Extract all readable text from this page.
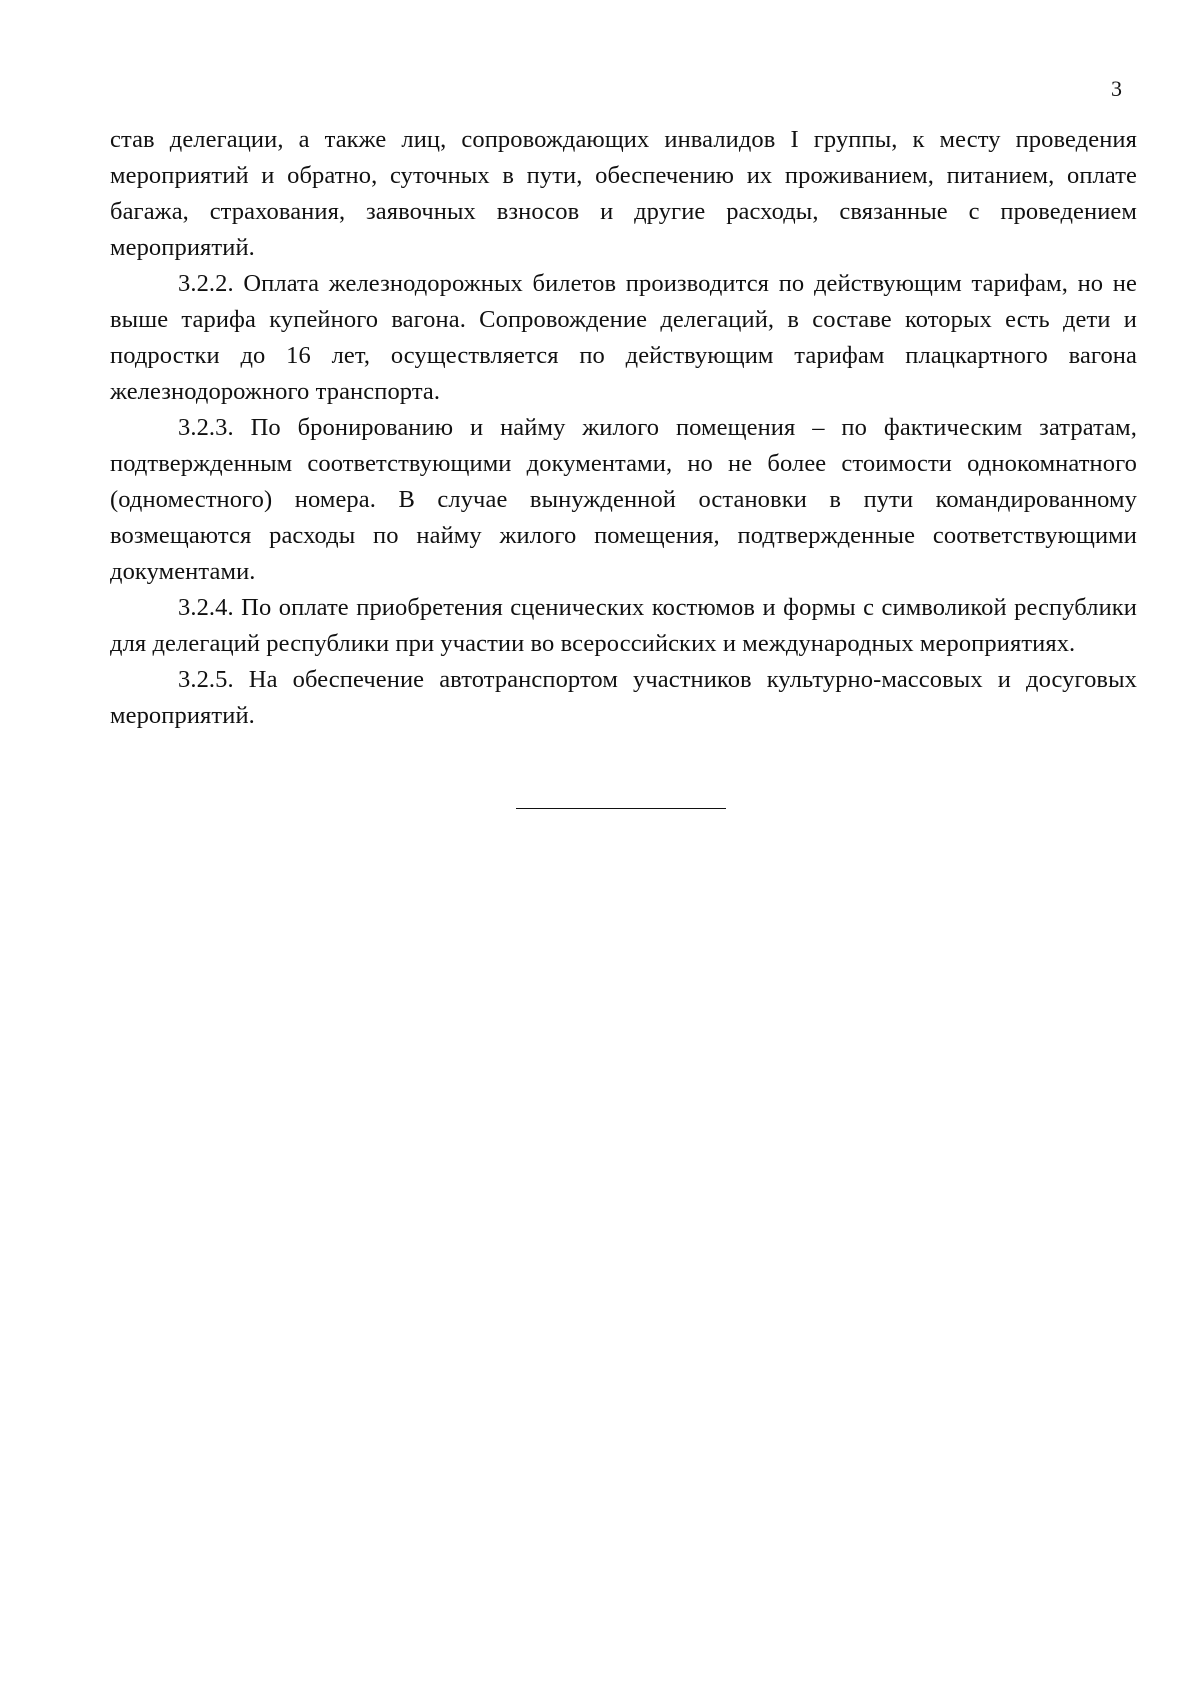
3

став делегации, а также лиц, сопровождающих инвалидов I группы, к месту проведения мероприятий и обратно, суточных в пути, обеспечению их проживанием, питанием, оплате багажа, страхования, заявочных взносов и другие расходы, связанные с проведением мероприятий.

3.2.2. Оплата железнодорожных билетов производится по действующим тарифам, но не выше тарифа купейного вагона. Сопровождение делегаций, в составе которых есть дети и подростки до 16 лет, осуществляется по действующим тарифам плацкартного вагона железнодорожного транспорта.

3.2.3. По бронированию и найму жилого помещения – по фактическим затратам, подтвержденным соответствующими документами, но не более стоимости однокомнатного (одноместного) номера. В случае вынужденной остановки в пути командированному возмещаются расходы по найму жилого помещения, подтвержденные соответствующими документами.

3.2.4. По оплате приобретения сценических костюмов и формы с символикой республики для делегаций республики при участии во всероссийских и международных мероприятиях.

3.2.5. На обеспечение автотранспортом участников культурно-массовых и досуговых мероприятий.
